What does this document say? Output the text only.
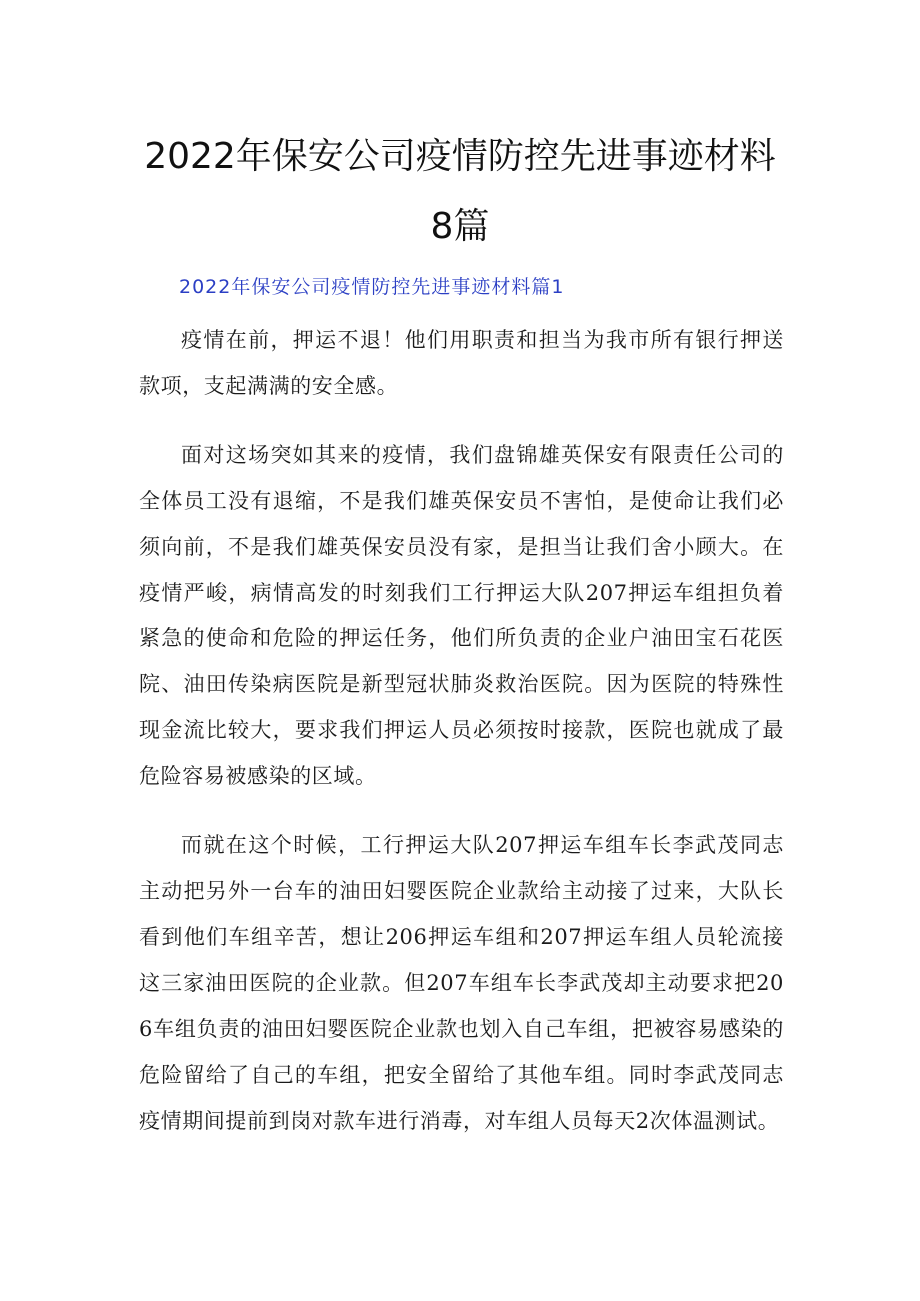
2022年保安公司疫情防控先进事迹材料
8篇
2022年保安公司疫情防控先进事迹材料篇1

疫情在前，押运不退！他们用职责和担当为我市所有银行押送款项，支起满满的安全感。

面对这场突如其来的疫情，我们盘锦雄英保安有限责任公司的全体员工没有退缩，不是我们雄英保安员不害怕，是使命让我们必须向前，不是我们雄英保安员没有家，是担当让我们舍小顾大。在疫情严峻，病情高发的时刻我们工行押运大队207押运车组担负着紧急的使命和危险的押运任务，他们所负责的企业户油田宝石花医院、油田传染病医院是新型冠状肺炎救治医院。因为医院的特殊性现金流比较大，要求我们押运人员必须按时接款，医院也就成了最危险容易被感染的区域。

而就在这个时候，工行押运大队207押运车组车长李武茂同志主动把另外一台车的油田妇婴医院企业款给主动接了过来，大队长看到他们车组辛苦，想让206押运车组和207押运车组人员轮流接这三家油田医院的企业款。但207车组车长李武茂却主动要求把206车组负责的油田妇婴医院企业款也划入自己车组，把被容易感染的危险留给了自己的车组，把安全留给了其他车组。同时李武茂同志疫情期间提前到岗对款车进行消毒，对车组人员每天2次体温测试。
